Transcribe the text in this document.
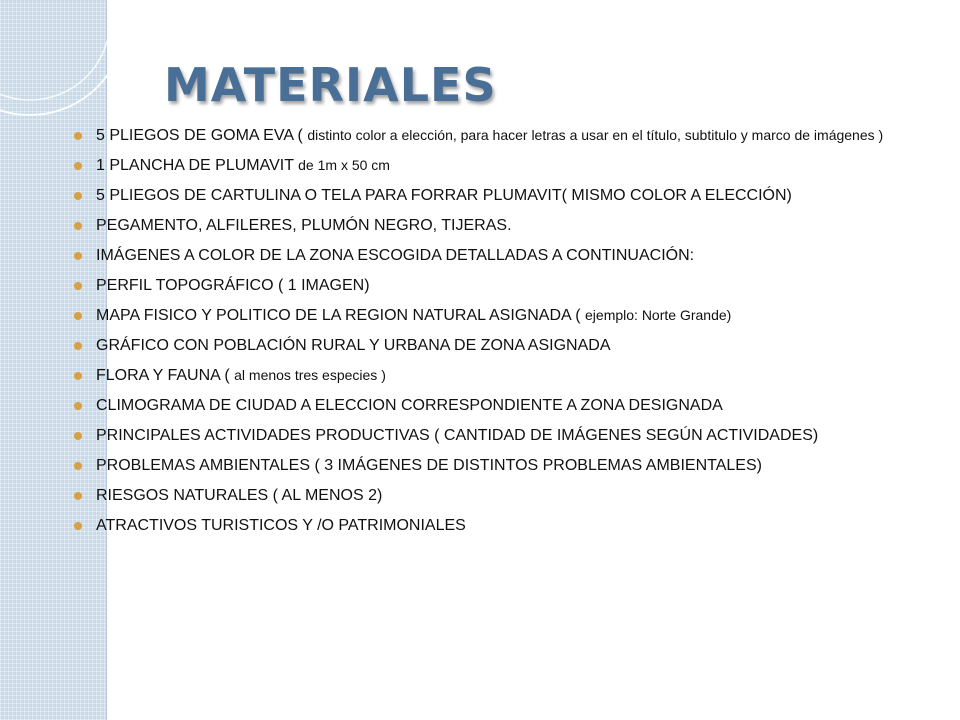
MATERIALES
5 PLIEGOS DE GOMA EVA ( distinto color a elección, para hacer letras a usar en el título, subtitulo y marco de imágenes )
1 PLANCHA DE PLUMAVIT de 1m x 50 cm
5 PLIEGOS DE CARTULINA O TELA PARA FORRAR PLUMAVIT( MISMO COLOR A ELECCIÓN)
PEGAMENTO, ALFILERES, PLUMÓN NEGRO, TIJERAS.
IMÁGENES A COLOR DE LA ZONA ESCOGIDA DETALLADAS A CONTINUACIÓN:
PERFIL TOPOGRÁFICO ( 1 IMAGEN)
MAPA FISICO Y POLITICO DE LA REGION NATURAL ASIGNADA ( ejemplo: Norte Grande)
GRÁFICO CON POBLACIÓN RURAL Y URBANA DE ZONA ASIGNADA
FLORA Y FAUNA ( al menos tres especies )
CLIMOGRAMA DE CIUDAD A ELECCION CORRESPONDIENTE A ZONA DESIGNADA
PRINCIPALES ACTIVIDADES PRODUCTIVAS ( CANTIDAD DE IMÁGENES SEGÚN ACTIVIDADES)
PROBLEMAS AMBIENTALES ( 3 IMÁGENES DE DISTINTOS PROBLEMAS AMBIENTALES)
RIESGOS NATURALES ( AL MENOS 2)
ATRACTIVOS TURISTICOS Y /O PATRIMONIALES
